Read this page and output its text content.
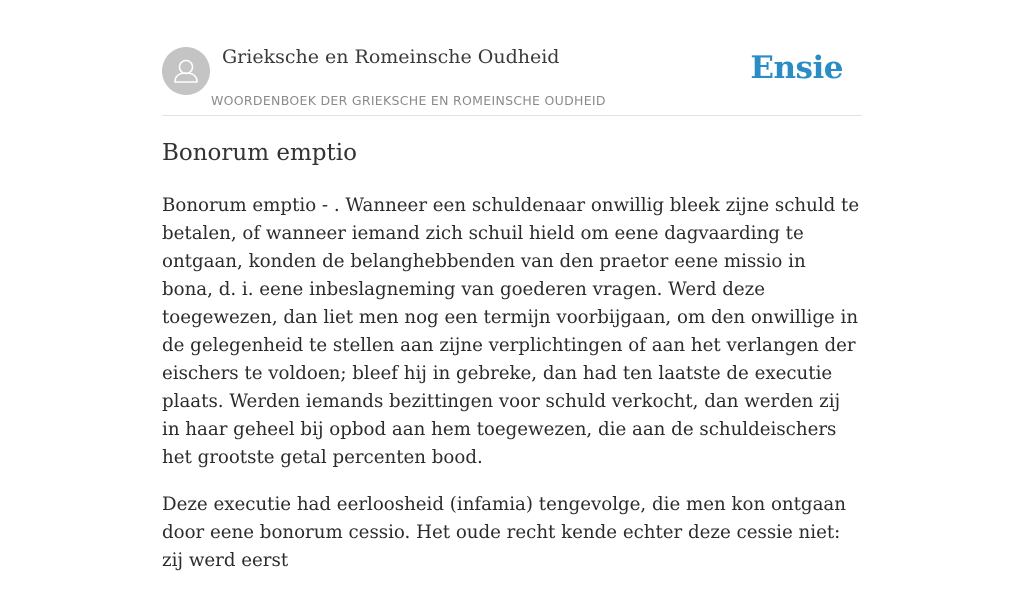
Grieksche en Romeinsche Oudheid
WOORDENBOEK DER GRIEKSCHE EN ROMEINSCHE OUDHEID
Ensie
Bonorum emptio

Bonorum emptio - . Wanneer een schuldenaar onwillig bleek zijne schuld te betalen, of wanneer iemand zich schuil hield om eene dagvaarding te ontgaan, konden de belanghebbenden van den praetor eene missio in bona, d. i. eene inbeslagneming van goederen vragen. Werd deze toegewezen, dan liet men nog een termijn voorbijgaan, om den onwillige in de gelegenheid te stellen aan zijne verplichtingen of aan het verlangen der eischers te voldoen; bleef hij in gebreke, dan had ten laatste de executie plaats. Werden iemands bezittingen voor schuld verkocht, dan werden zij in haar geheel bij opbod aan hem toegewezen, die aan de schuldeischers het grootste getal percenten bood.

Deze executie had eerloosheid (infamia) tengevolge, die men kon ontgaan door eene bonorum cessio. Het oude recht kende echter deze cessie niet: zij werd eerst
